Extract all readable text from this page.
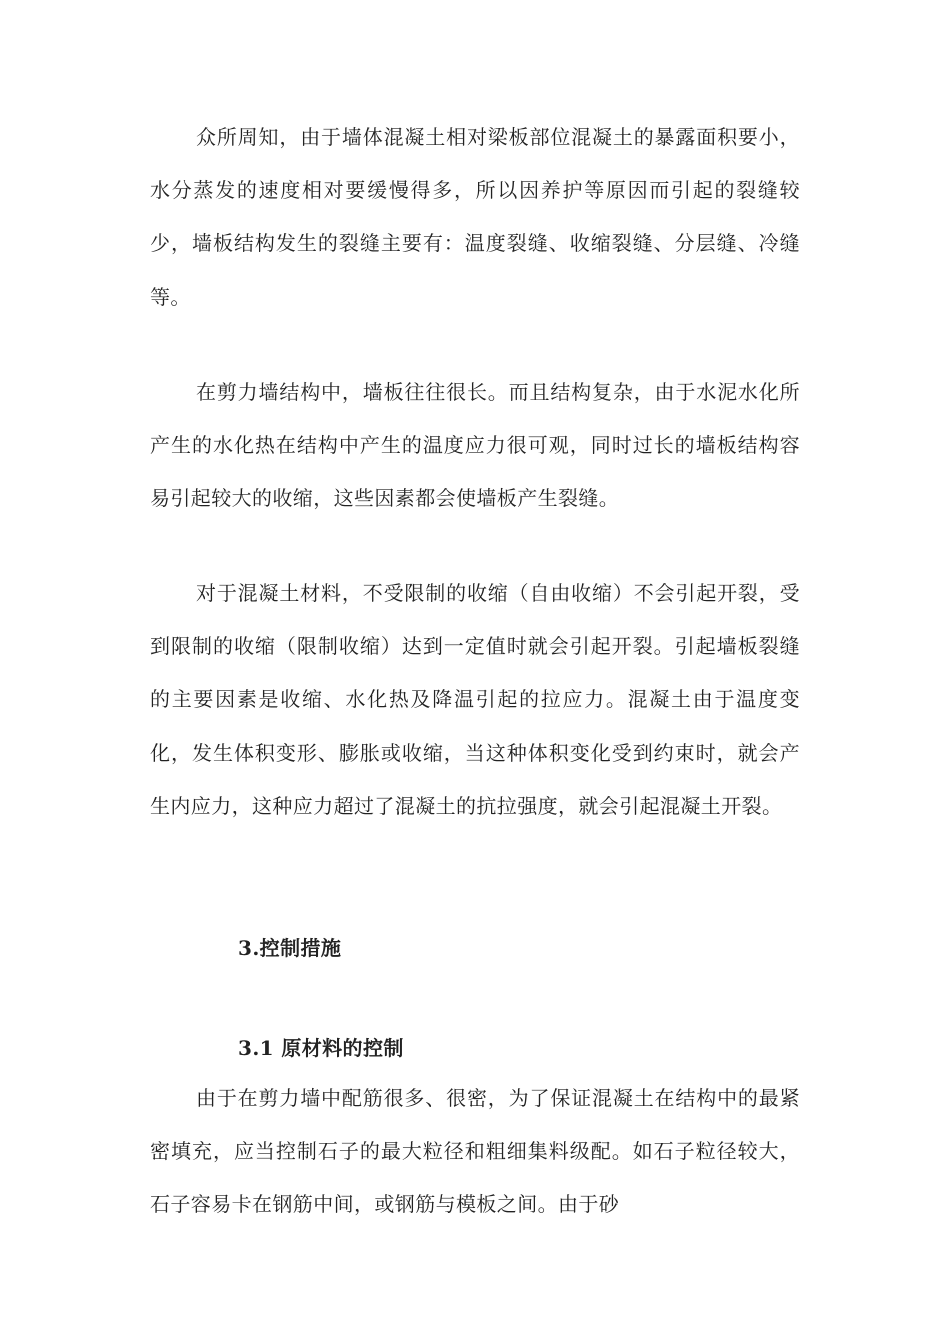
众所周知，由于墙体混凝土相对梁板部位混凝土的暴露面积要小，水分蒸发的速度相对要缓慢得多，所以因养护等原因而引起的裂缝较少，墙板结构发生的裂缝主要有：温度裂缝、收缩裂缝、分层缝、冷缝等。

在剪力墙结构中，墙板往往很长。而且结构复杂，由于水泥水化所产生的水化热在结构中产生的温度应力很可观，同时过长的墙板结构容易引起较大的收缩，这些因素都会使墙板产生裂缝。

对于混凝土材料，不受限制的收缩（自由收缩）不会引起开裂，受到限制的收缩（限制收缩）达到一定值时就会引起开裂。引起墙板裂缝的主要因素是收缩、水化热及降温引起的拉应力。混凝土由于温度变化，发生体积变形、膨胀或收缩，当这种体积变化受到约束时，就会产生内应力，这种应力超过了混凝土的抗拉强度，就会引起混凝土开裂。

3.控制措施
3.1 原材料的控制

由于在剪力墙中配筋很多、很密，为了保证混凝土在结构中的最紧密填充，应当控制石子的最大粒径和粗细集料级配。如石子粒径较大，石子容易卡在钢筋中间，或钢筋与模板之间。由于砂
